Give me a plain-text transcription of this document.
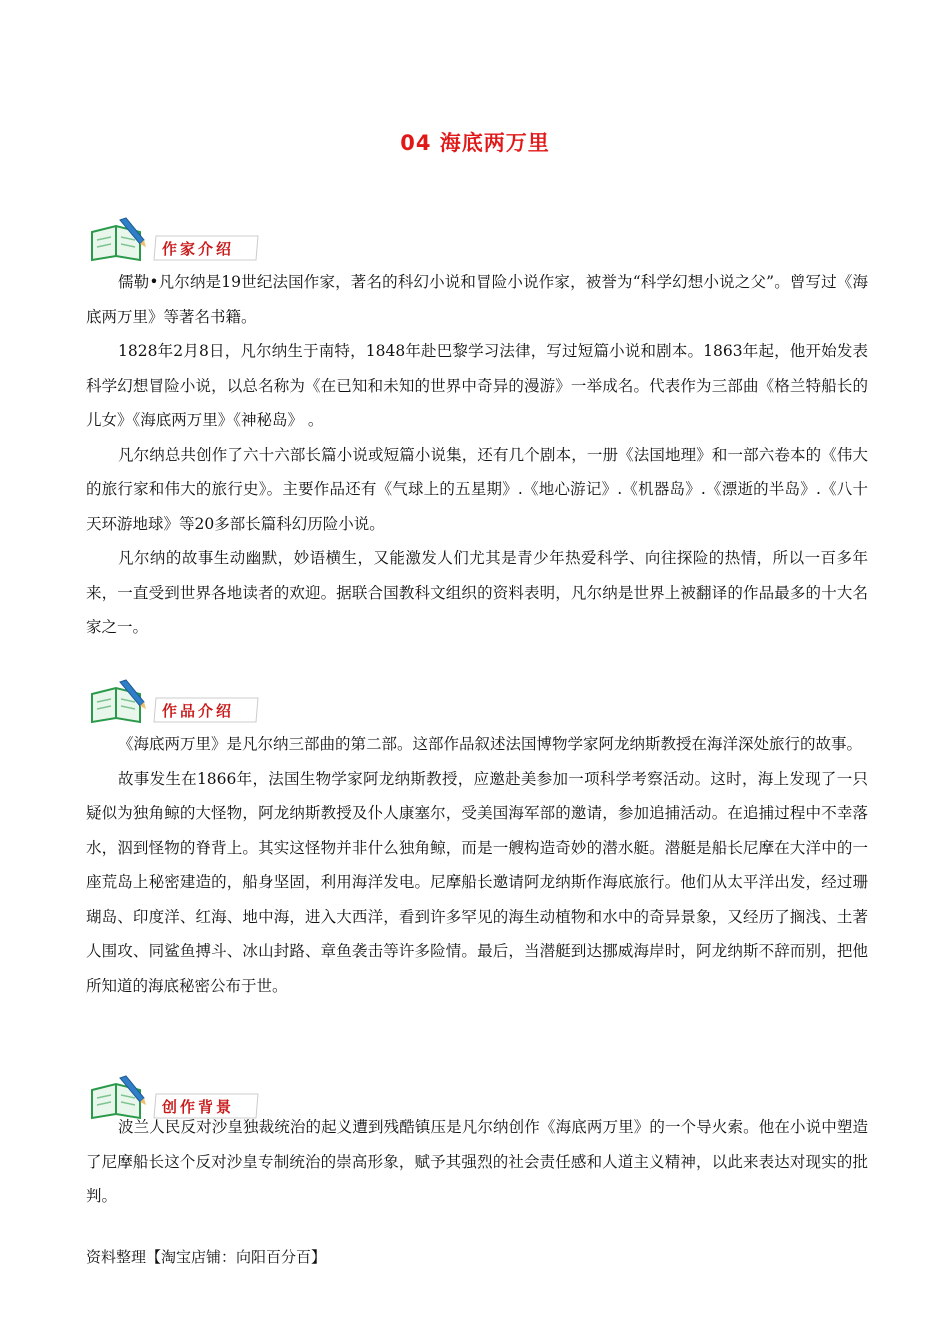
04 海底两万里
作家介绍

儒勒•凡尔纳是19世纪法国作家，著名的科幻小说和冒险小说作家，被誉为“科学幻想小说之父”。曾写过《海底两万里》等著名书籍。

1828年2月8日，凡尔纳生于南特，1848年赴巴黎学习法律，写过短篇小说和剧本。1863年起，他开始发表科学幻想冒险小说，以总名称为《在已知和未知的世界中奇异的漫游》一举成名。代表作为三部曲《格兰特船长的儿女》《海底两万里》《神秘岛》 。

凡尔纳总共创作了六十六部长篇小说或短篇小说集，还有几个剧本，一册《法国地理》和一部六卷本的《伟大的旅行家和伟大的旅行史》。主要作品还有《气球上的五星期》.《地心游记》.《机器岛》.《漂逝的半岛》.《八十天环游地球》等20多部长篇科幻历险小说。

凡尔纳的故事生动幽默，妙语横生，又能激发人们尤其是青少年热爱科学、向往探险的热情，所以一百多年来，一直受到世界各地读者的欢迎。据联合国教科文组织的资料表明，凡尔纳是世界上被翻译的作品最多的十大名家之一。

作品介绍

《海底两万里》是凡尔纳三部曲的第二部。这部作品叙述法国博物学家阿龙纳斯教授在海洋深处旅行的故事。

故事发生在1866年，法国生物学家阿龙纳斯教授，应邀赴美参加一项科学考察活动。这时，海上发现了一只疑似为独角鲸的大怪物，阿龙纳斯教授及仆人康塞尔，受美国海军部的邀请，参加追捕活动。在追捕过程中不幸落水，泅到怪物的脊背上。其实这怪物并非什么独角鲸，而是一艘构造奇妙的潜水艇。潜艇是船长尼摩在大洋中的一座荒岛上秘密建造的，船身坚固，利用海洋发电。尼摩船长邀请阿龙纳斯作海底旅行。他们从太平洋出发，经过珊瑚岛、印度洋、红海、地中海，进入大西洋，看到许多罕见的海生动植物和水中的奇异景象，又经历了搁浅、土著人围攻、同鲨鱼搏斗、冰山封路、章鱼袭击等许多险情。最后，当潜艇到达挪威海岸时，阿龙纳斯不辞而别，把他所知道的海底秘密公布于世。

创作背景

波兰人民反对沙皇独裁统治的起义遭到残酷镇压是凡尔纳创作《海底两万里》的一个导火索。他在小说中塑造了尼摩船长这个反对沙皇专制统治的崇高形象，赋予其强烈的社会责任感和人道主义精神，以此来表达对现实的批判。

资料整理【淘宝店铺：向阳百分百】
